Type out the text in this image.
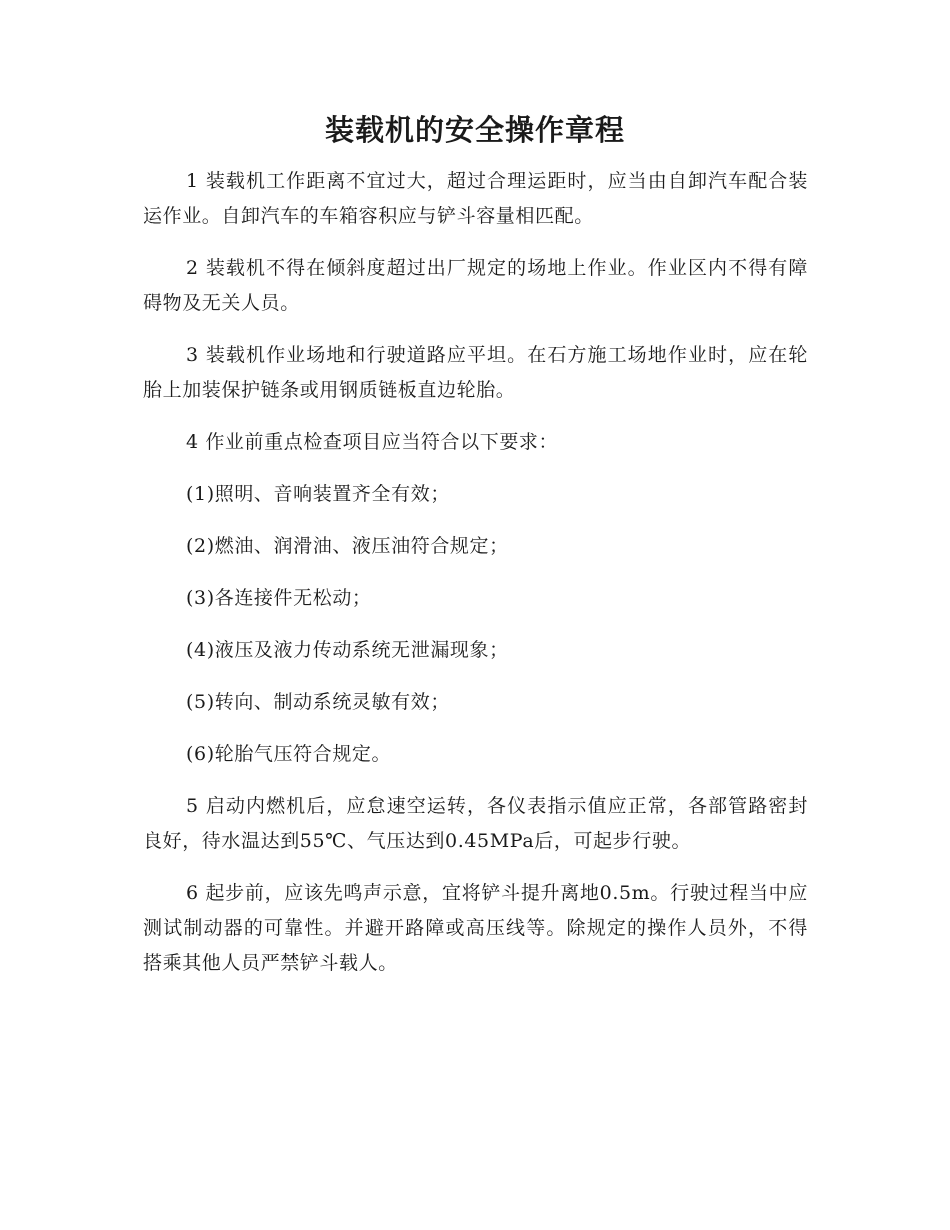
装载机的安全操作章程

1 装载机工作距离不宜过大，超过合理运距时，应当由自卸汽车配合装运作业。自卸汽车的车箱容积应与铲斗容量相匹配。

2 装载机不得在倾斜度超过出厂规定的场地上作业。作业区内不得有障碍物及无关人员。

3 装载机作业场地和行驶道路应平坦。在石方施工场地作业时，应在轮胎上加装保护链条或用钢质链板直边轮胎。

4 作业前重点检查项目应当符合以下要求：

(1)照明、音响装置齐全有效；

(2)燃油、润滑油、液压油符合规定；

(3)各连接件无松动；

(4)液压及液力传动系统无泄漏现象；

(5)转向、制动系统灵敏有效；

(6)轮胎气压符合规定。

5 启动内燃机后，应怠速空运转，各仪表指示值应正常，各部管路密封良好，待水温达到55℃、气压达到0.45MPa后，可起步行驶。

6 起步前，应该先鸣声示意，宜将铲斗提升离地0.5m。行驶过程当中应测试制动器的可靠性。并避开路障或高压线等。除规定的操作人员外，不得搭乘其他人员严禁铲斗载人。
